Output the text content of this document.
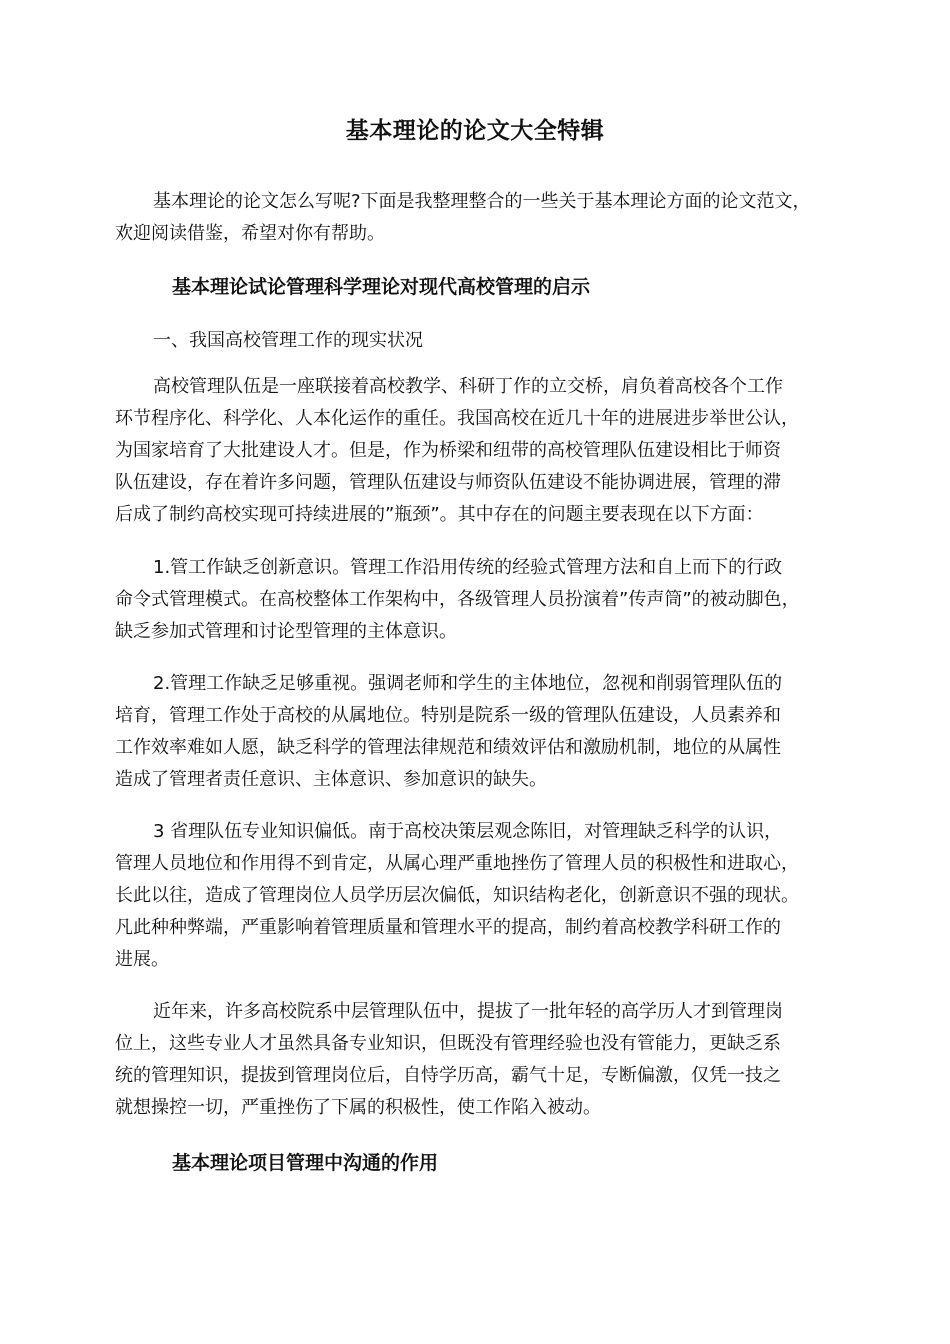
基本理论的论文大全特辑
基本理论的论文怎么写呢?下面是我整理整合的一些关于基本理论方面的论文范文，
欢迎阅读借鉴，希望对你有帮助。
基本理论试论管理科学理论对现代高校管理的启示
一、我国高校管理工作的现实状况
高校管理队伍是一座联接着高校教学、科研丁作的立交桥，肩负着高校各个工作
环节程序化、科学化、人本化运作的重任。我国高校在近几十年的进展进步举世公认，
为国家培育了大批建设人才。但是，作为桥梁和纽带的高校管理队伍建设相比于师资
队伍建设，存在着许多问题，管理队伍建设与师资队伍建设不能协调进展，管理的滞
后成了制约高校实现可持续进展的”瓶颈”。其中存在的问题主要表现在以下方面：
1.管工作缺乏创新意识。管理工作沿用传统的经验式管理方法和自上而下的行政
命令式管理模式。在高校整体工作架构中，各级管理人员扮演着”传声筒”的被动脚色，
缺乏参加式管理和讨论型管理的主体意识。
2.管理工作缺乏足够重视。强调老师和学生的主体地位，忽视和削弱管理队伍的
培育，管理工作处于高校的从属地位。特别是院系一级的管理队伍建设，人员素养和
工作效率难如人愿，缺乏科学的管理法律规范和绩效评估和激励机制，地位的从属性
造成了管理者责任意识、主体意识、参加意识的缺失。
3 省理队伍专业知识偏低。南于高校决策层观念陈旧，对管理缺乏科学的认识，
管理人员地位和作用得不到肯定，从属心理严重地挫伤了管理人员的积极性和进取心，
长此以往，造成了管理岗位人员学历层次偏低，知识结构老化，创新意识不强的现状。
凡此种种弊端，严重影响着管理质量和管理水平的提高，制约着高校教学科研工作的
进展。
近年来，许多高校院系中层管理队伍中，提拔了一批年轻的高学历人才到管理岗
位上，这些专业人才虽然具备专业知识，但既没有管理经验也没有管能力，更缺乏系
统的管理知识，提拔到管理岗位后，自恃学历高，霸气十足，专断偏激，仅凭一技之
就想操控一切，严重挫伤了下属的积极性，使工作陷入被动。
基本理论项目管理中沟通的作用
